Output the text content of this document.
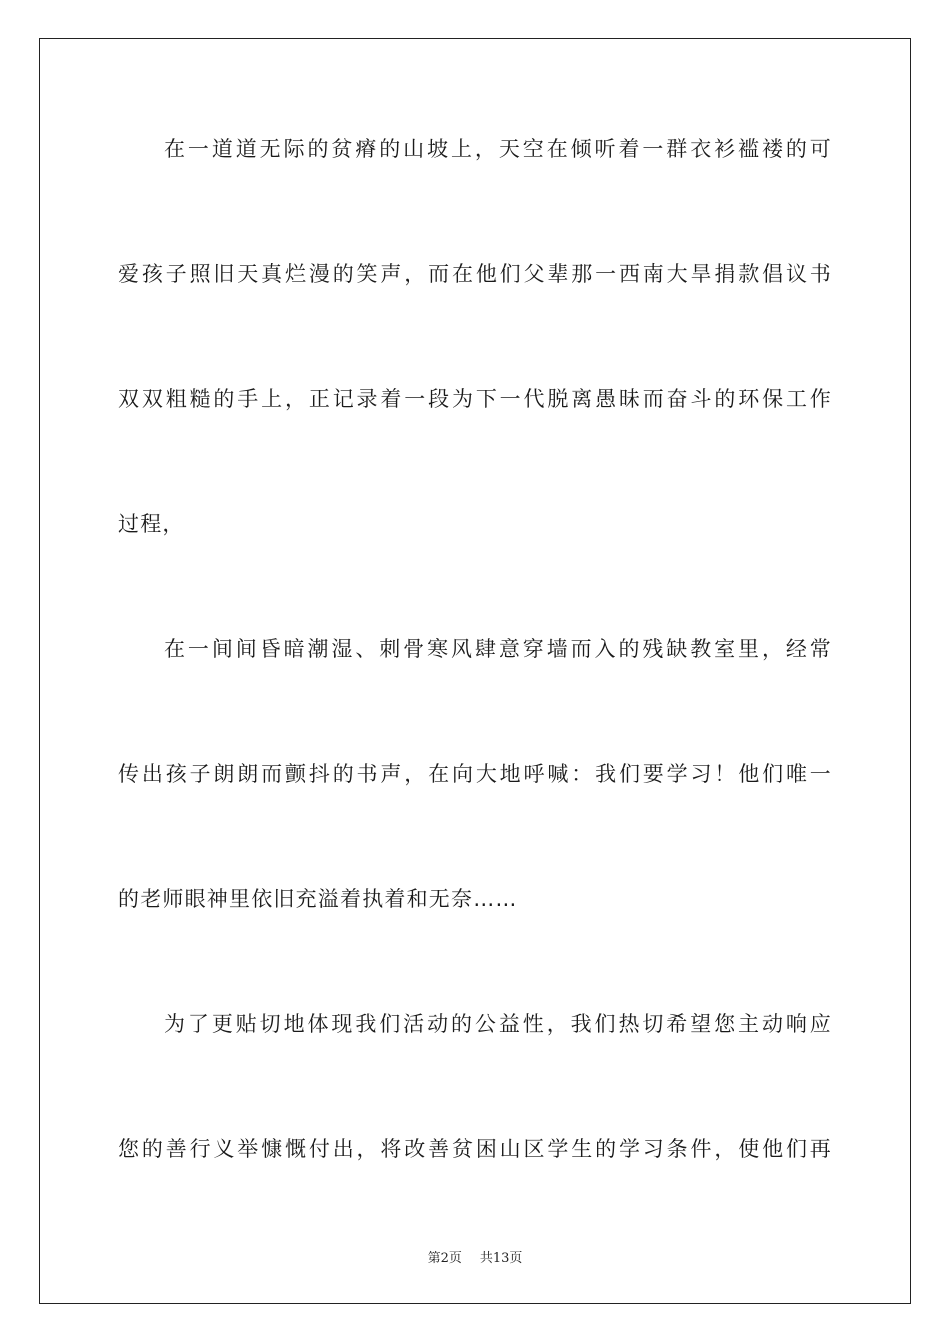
在一道道无际的贫瘠的山坡上，天空在倾听着一群衣衫褴褛的可
爱孩子照旧天真烂漫的笑声，而在他们父辈那一西南大旱捐款倡议书
双双粗糙的手上，正记录着一段为下一代脱离愚昧而奋斗的环保工作
过程，
在一间间昏暗潮湿、刺骨寒风肆意穿墙而入的残缺教室里，经常
传出孩子朗朗而颤抖的书声，在向大地呼喊：我们要学习！他们唯一
的老师眼神里依旧充溢着执着和无奈……
为了更贴切地体现我们活动的公益性，我们热切希望您主动响应
您的善行义举慷慨付出，将改善贫困山区学生的学习条件，使他们再
第2页 共13页
